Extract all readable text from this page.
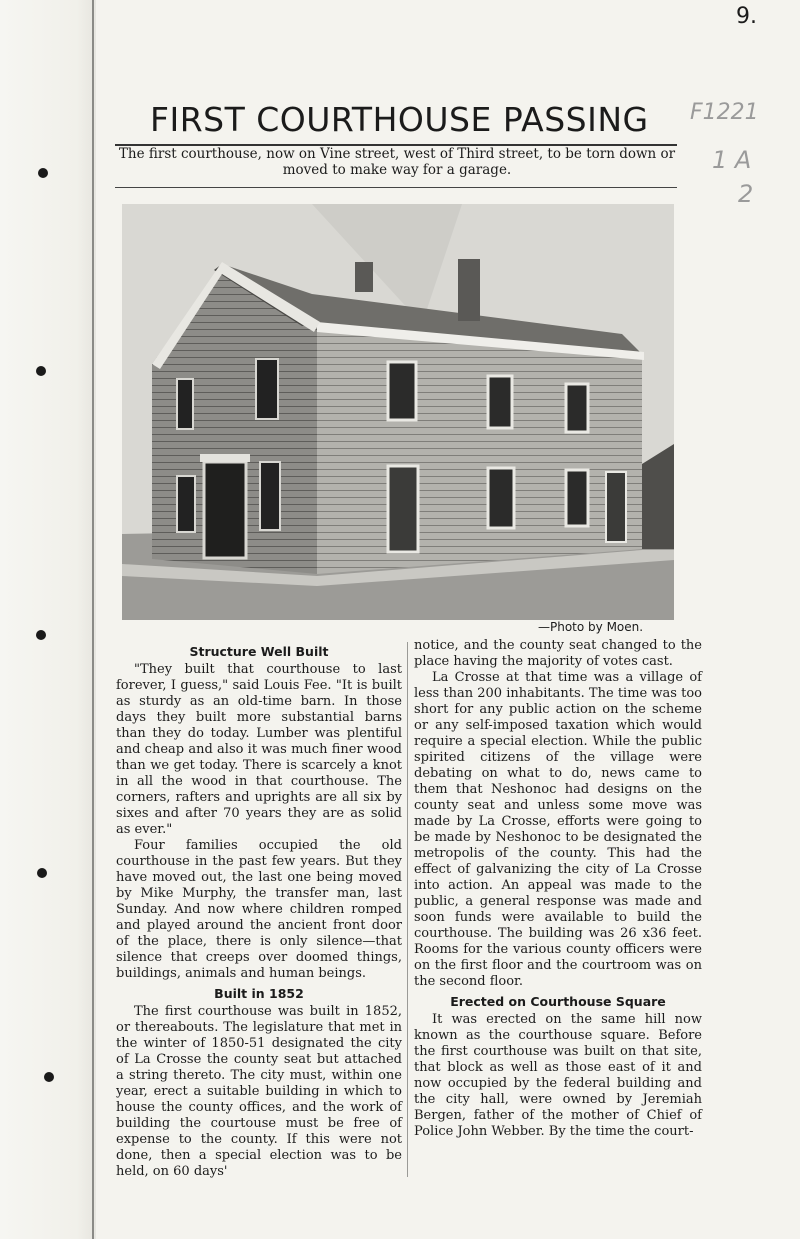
9.
F1221
1 A
2
FIRST COURTHOUSE PASSING
The first courthouse, now on Vine street, west of Third street, to be torn down or moved to make way for a garage.
—Photo by Moen.
Structure Well Built

"They built that courthouse to last forever, I guess," said Louis Fee. "It is built as sturdy as an old-time barn. In those days they built more substantial barns than they do today. Lumber was plentiful and cheap and also it was much finer wood than we get today. There is scarcely a knot in all the wood in that courthouse. The corners, rafters and uprights are all six by sixes and after 70 years they are as solid as ever."

Four families occupied the old courthouse in the past few years. But they have moved out, the last one being moved by Mike Murphy, the transfer man, last Sunday. And now where children romped and played around the ancient front door of the place, there is only silence—that silence that creeps over doomed things, buildings, animals and human beings.

Built in 1852

The first courthouse was built in 1852, or thereabouts. The legislature that met in the winter of 1850-51 designated the city of La Crosse the county seat but attached a string thereto. The city must, within one year, erect a suitable building in which to house the county offices, and the work of building the courtouse must be free of expense to the county. If this were not done, then a special election was to be held, on 60 days'

notice, and the county seat changed to the place having the majority of votes cast.

La Crosse at that time was a village of less than 200 inhabitants. The time was too short for any public action on the scheme or any self-imposed taxation which would require a special election. While the public spirited citizens of the village were debating on what to do, news came to them that Neshonoc had designs on the county seat and unless some move was made by La Crosse, efforts were going to be made by Neshonoc to be designated the metropolis of the county. This had the effect of galvanizing the city of La Crosse into action. An appeal was made to the public, a general response was made and soon funds were available to build the courthouse. The building was 26 x36 feet. Rooms for the various county officers were on the first floor and the courtroom was on the second floor.

Erected on Courthouse Square

It was erected on the same hill now known as the courthouse square. Before the first courthouse was built on that site, that block as well as those east of it and now occupied by the federal building and the city hall, were owned by Jeremiah Bergen, father of the mother of Chief of Police John Webber. By the time the court-
